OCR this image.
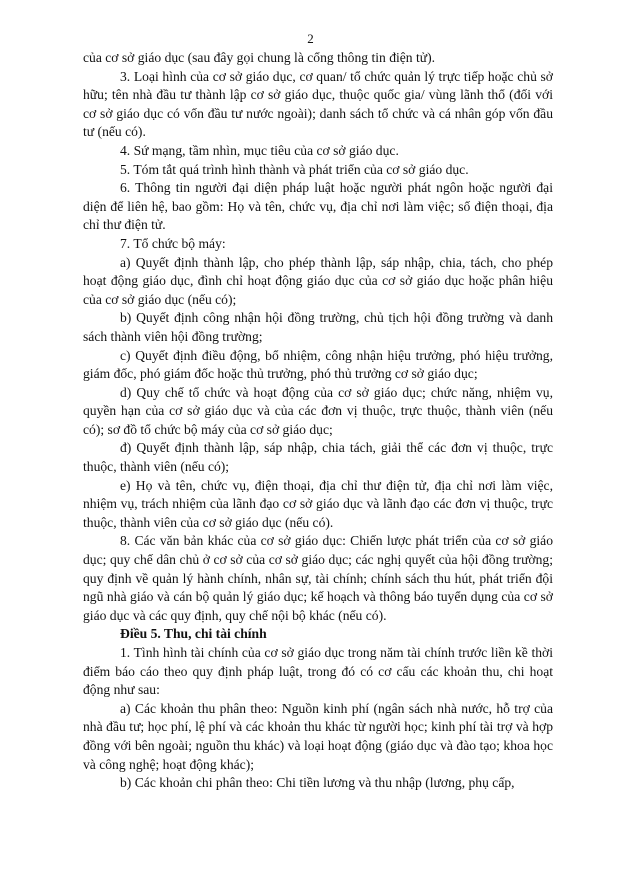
2

của cơ sở giáo dục (sau đây gọi chung là cổng thông tin điện tử).

3. Loại hình của cơ sở giáo dục, cơ quan/ tổ chức quản lý trực tiếp hoặc chủ sở hữu; tên nhà đầu tư thành lập cơ sở giáo dục, thuộc quốc gia/ vùng lãnh thổ (đối với cơ sở giáo dục có vốn đầu tư nước ngoài); danh sách tổ chức và cá nhân góp vốn đầu tư (nếu có).

4. Sứ mạng, tầm nhìn, mục tiêu của cơ sở giáo dục.

5. Tóm tắt quá trình hình thành và phát triển của cơ sở giáo dục.

6. Thông tin người đại diện pháp luật hoặc người phát ngôn hoặc người đại diện để liên hệ, bao gồm: Họ và tên, chức vụ, địa chỉ nơi làm việc; số điện thoại, địa chỉ thư điện tử.

7. Tổ chức bộ máy:

a) Quyết định thành lập, cho phép thành lập, sáp nhập, chia, tách, cho phép hoạt động giáo dục, đình chỉ hoạt động giáo dục của cơ sở giáo dục hoặc phân hiệu của cơ sở giáo dục (nếu có);

b) Quyết định công nhận hội đồng trường, chủ tịch hội đồng trường và danh sách thành viên hội đồng trường;

c) Quyết định điều động, bổ nhiệm, công nhận hiệu trưởng, phó hiệu trưởng, giám đốc, phó giám đốc hoặc thủ trưởng, phó thủ trưởng cơ sở giáo dục;

d) Quy chế tổ chức và hoạt động của cơ sở giáo dục; chức năng, nhiệm vụ, quyền hạn của cơ sở giáo dục và của các đơn vị thuộc, trực thuộc, thành viên (nếu có); sơ đồ tổ chức bộ máy của cơ sở giáo dục;

đ) Quyết định thành lập, sáp nhập, chia tách, giải thể các đơn vị thuộc, trực thuộc, thành viên (nếu có);

e) Họ và tên, chức vụ, điện thoại, địa chỉ thư điện tử, địa chỉ nơi làm việc, nhiệm vụ, trách nhiệm của lãnh đạo cơ sở giáo dục và lãnh đạo các đơn vị thuộc, trực thuộc, thành viên của cơ sở giáo dục (nếu có).

8. Các văn bản khác của cơ sở giáo dục: Chiến lược phát triển của cơ sở giáo dục; quy chế dân chủ ở cơ sở của cơ sở giáo dục; các nghị quyết của hội đồng trường; quy định về quản lý hành chính, nhân sự, tài chính; chính sách thu hút, phát triển đội ngũ nhà giáo và cán bộ quản lý giáo dục; kế hoạch và thông báo tuyển dụng của cơ sở giáo dục và các quy định, quy chế nội bộ khác (nếu có).

Điều 5. Thu, chi tài chính

1. Tình hình tài chính của cơ sở giáo dục trong năm tài chính trước liền kề thời điểm báo cáo theo quy định pháp luật, trong đó có cơ cấu các khoản thu, chi hoạt động như sau:

a) Các khoản thu phân theo: Nguồn kinh phí (ngân sách nhà nước, hỗ trợ của nhà đầu tư; học phí, lệ phí và các khoản thu khác từ người học; kinh phí tài trợ và hợp đồng với bên ngoài; nguồn thu khác) và loại hoạt động (giáo dục và đào tạo; khoa học và công nghệ; hoạt động khác);

b) Các khoản chi phân theo: Chi tiền lương và thu nhập (lương, phụ cấp,
